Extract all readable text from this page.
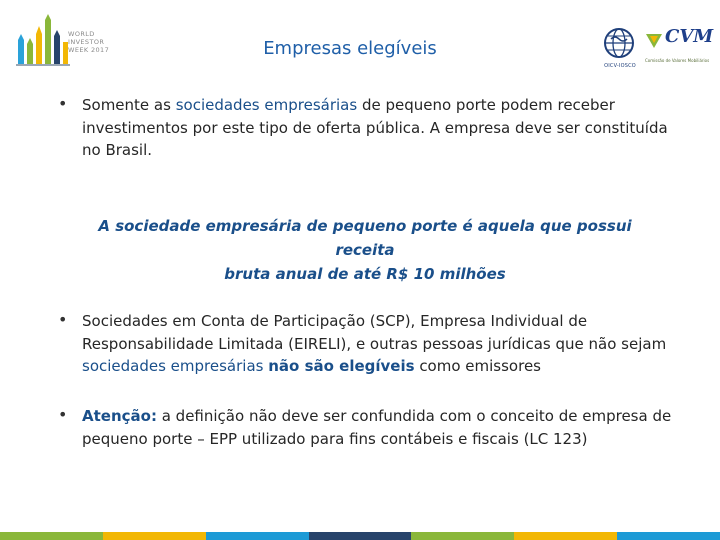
WORLD
INVESTOR
WEEK 2017	Empresas elegíveis
OICV-IOSCO
CVM
Comissão de Valores Mobiliários
• Somente as sociedades empresárias de pequeno porte podem receber investimentos por este tipo de oferta pública. A empresa deve ser constituída no Brasil.
A sociedade empresária de pequeno porte é aquela que possui receita
bruta anual de até R$ 10 milhões
• Sociedades em Conta de Participação (SCP), Empresa Individual de Responsabilidade Limitada (EIRELI), e outras pessoas jurídicas que não sejam sociedades empresárias não são elegíveis como emissores
• Atenção: a definição não deve ser confundida com o conceito de empresa de pequeno porte – EPP utilizado para fins contábeis e fiscais (LC 123)
